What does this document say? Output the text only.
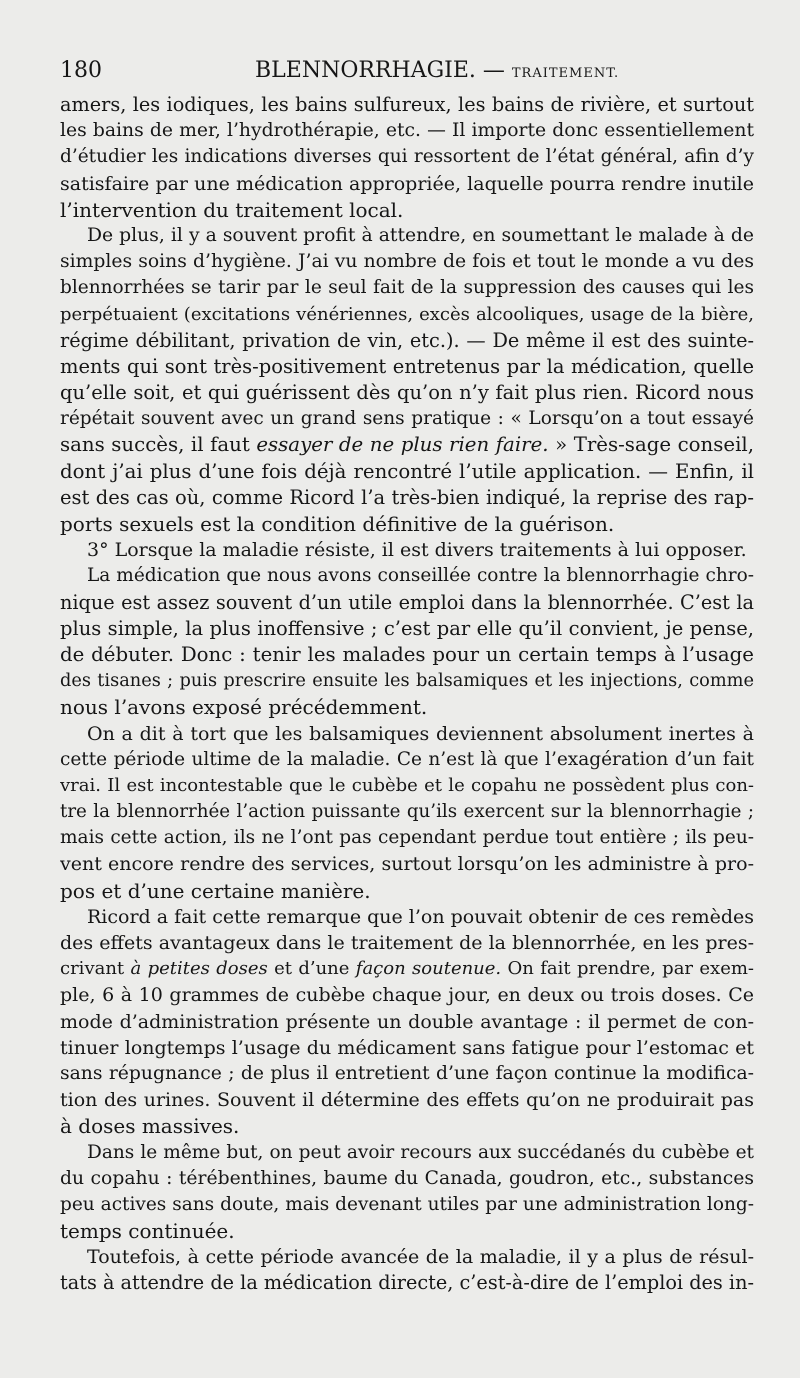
180	BLENNORRHAGIE. — TRAITEMENT.
amers, les iodiques, les bains sulfureux, les bains de rivière, et surtout
les bains de mer, l’hydrothérapie, etc. — Il importe donc essentiellement
d’étudier les indications diverses qui ressortent de l’état général, afin d’y
satisfaire par une médication appropriée, laquelle pourra rendre inutile
l’intervention du traitement local.
De plus, il y a souvent profit à attendre, en soumettant le malade à de
simples soins d’hygiène. J’ai vu nombre de fois et tout le monde a vu des
blennorrhées se tarir par le seul fait de la suppression des causes qui les
perpétuaient (excitations vénériennes, excès alcooliques, usage de la bière,
régime débilitant, privation de vin, etc.). — De même il est des suinte-
ments qui sont très-positivement entretenus par la médication, quelle
qu’elle soit, et qui guérissent dès qu’on n’y fait plus rien. Ricord nous
répétait souvent avec un grand sens pratique : « Lorsqu’on a tout essayé
sans succès, il faut essayer de ne plus rien faire. » Très-sage conseil,
dont j’ai plus d’une fois déjà rencontré l’utile application. — Enfin, il
est des cas où, comme Ricord l’a très-bien indiqué, la reprise des rap-
ports sexuels est la condition définitive de la guérison.
3° Lorsque la maladie résiste, il est divers traitements à lui opposer.
La médication que nous avons conseillée contre la blennorrhagie chro-
nique est assez souvent d’un utile emploi dans la blennorrhée. C’est la
plus simple, la plus inoffensive ; c’est par elle qu’il convient, je pense,
de débuter. Donc : tenir les malades pour un certain temps à l’usage
des tisanes ; puis prescrire ensuite les balsamiques et les injections, comme
nous l’avons exposé précédemment.
On a dit à tort que les balsamiques deviennent absolument inertes à
cette période ultime de la maladie. Ce n’est là que l’exagération d’un fait
vrai. Il est incontestable que le cubèbe et le copahu ne possèdent plus con-
tre la blennorrhée l’action puissante qu’ils exercent sur la blennorrhagie ;
mais cette action, ils ne l’ont pas cependant perdue tout entière ; ils peu-
vent encore rendre des services, surtout lorsqu’on les administre à pro-
pos et d’une certaine manière.
Ricord a fait cette remarque que l’on pouvait obtenir de ces remèdes
des effets avantageux dans le traitement de la blennorrhée, en les pres-
crivant à petites doses et d’une façon soutenue. On fait prendre, par exem-
ple, 6 à 10 grammes de cubèbe chaque jour, en deux ou trois doses. Ce
mode d’administration présente un double avantage : il permet de con-
tinuer longtemps l’usage du médicament sans fatigue pour l’estomac et
sans répugnance ; de plus il entretient d’une façon continue la modifica-
tion des urines. Souvent il détermine des effets qu’on ne produirait pas
à doses massives.
Dans le même but, on peut avoir recours aux succédanés du cubèbe et
du copahu : térébenthines, baume du Canada, goudron, etc., substances
peu actives sans doute, mais devenant utiles par une administration long-
temps continuée.
Toutefois, à cette période avancée de la maladie, il y a plus de résul-
tats à attendre de la médication directe, c’est-à-dire de l’emploi des in-
